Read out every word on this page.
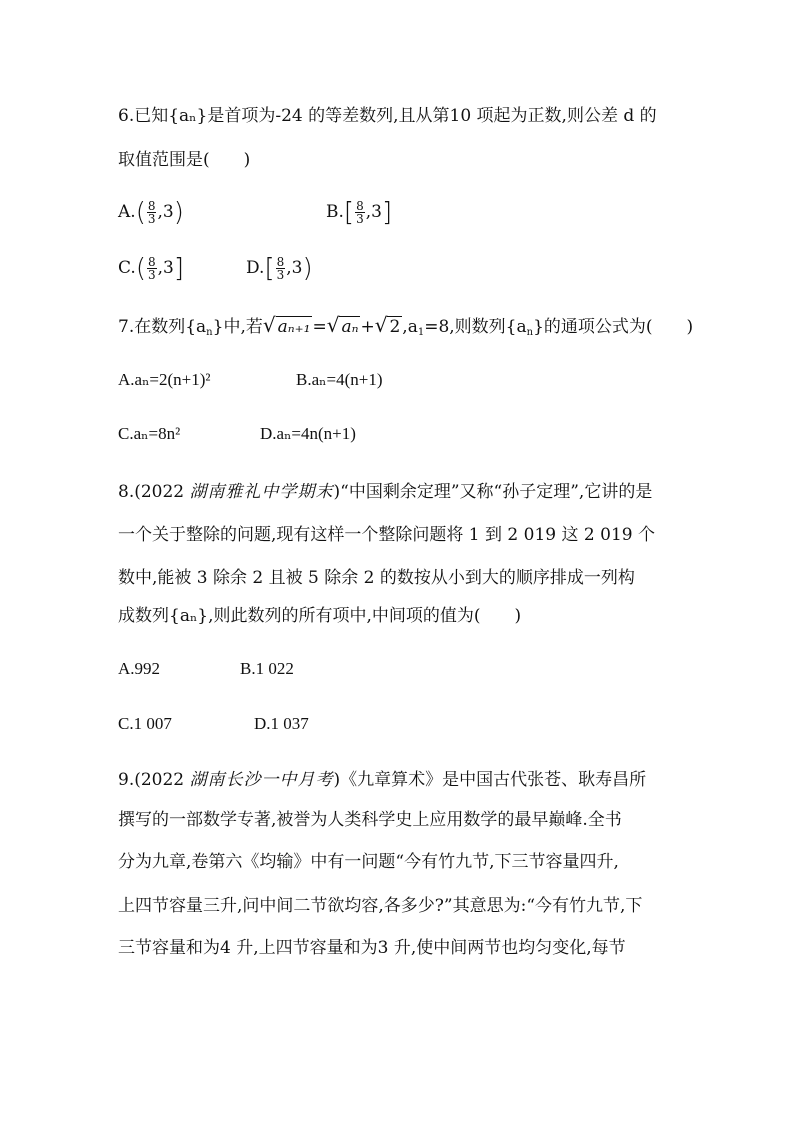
6.已知{aₙ}是首项为-24 的等差数列,且从第10 项起为正数,则公差 d 的
取值范围是(　　)
$A.( \frac{8}{3} ,3)$	$B.[ \frac{8}{3} ,3]$
$C.( \frac{8}{3} ,3]$	$D.[ \frac{8}{3} ,3)$
7.在数列$\{a_n\}$中,若√ aₙ₊₁ =√ aₙ +√ 2 $,a_1=8$,则数列$\{a_n\}$的通项公式为(　　)
A.aₙ=2(n+1)²	B.aₙ=4(n+1)
C.aₙ=8n²	D.aₙ=4n(n+1)
8.(2022 湖南雅礼中学期末)“中国剩余定理”又称“孙子定理”,它讲的是
一个关于整除的问题,现有这样一个整除问题将 1 到 2 019 这 2 019 个
数中,能被 3 除余 2 且被 5 除余 2 的数按从小到大的顺序排成一列构
成数列{aₙ},则此数列的所有项中,中间项的值为(　　)
A.992	B.1 022
C.1 007	D.1 037
9.(2022 湖南长沙一中月考)《九章算术》是中国古代张苍、耿寿昌所
撰写的一部数学专著,被誉为人类科学史上应用数学的最早巅峰.全书
分为九章,卷第六《均输》中有一问题“今有竹九节,下三节容量四升,
上四节容量三升,问中间二节欲均容,各多少?”其意思为:“今有竹九节,下
三节容量和为4 升,上四节容量和为3 升,使中间两节也均匀变化,每节
